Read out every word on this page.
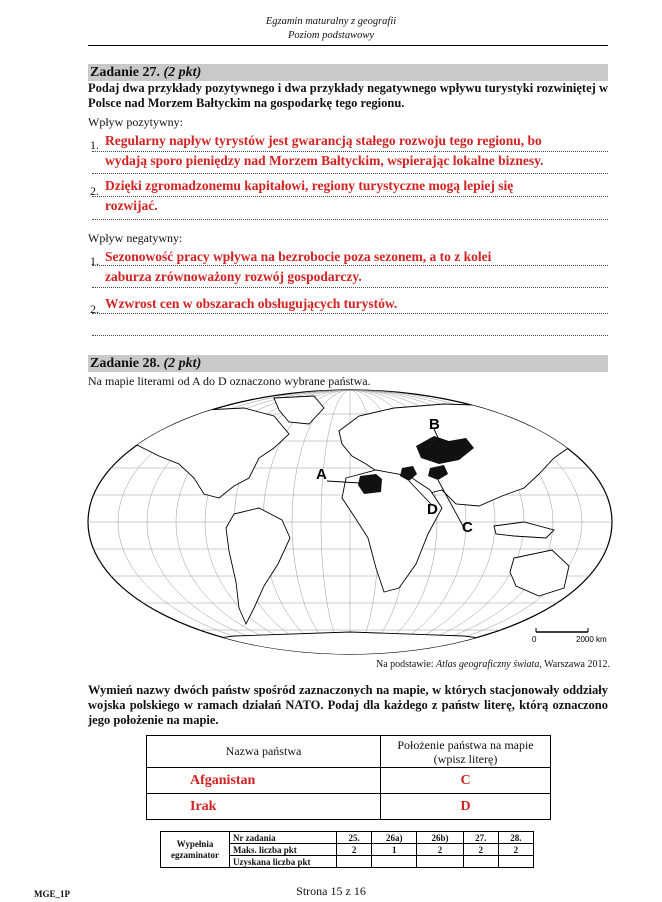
Egzamin maturalny z geografii
Poziom podstawowy
Zadanie 27. (2 pkt)
Podaj dwa przykłady pozytywnego i dwa przykłady negatywnego wpływu turystyki rozwiniętej w Polsce nad Morzem Bałtyckim na gospodarkę tego regionu.
Wpływ pozytywny:
1. Regularny napływ tyrystów jest gwarancją stałego rozwoju tego regionu, bo
wydają sporo pieniędzy nad Morzem Bałtyckim, wspierając lokalne biznesy.
2. Dzięki zgromadzonemu kapitałowi, regiony turystyczne mogą lepiej się
rozwijać.
Wpływ negatywny:
1. Sezonowość pracy wpływa na bezrobocie poza sezonem, a to z kolei
zaburza zrównoważony rozwój gospodarczy.
2. Wzwrost cen w obszarach obsługujących turystów.
Zadanie 28. (2 pkt)
Na mapie literami od A do D oznaczono wybrane państwa.
A
B
C
D
0	2000 km
Na podstawie: Atlas geograficzny świata, Warszawa 2012.
Wymień nazwy dwóch państw spośród zaznaczonych na mapie, w których stacjonowały oddziały wojska polskiego w ramach działań NATO. Podaj dla każdego z państw literę, którą oznaczono jego położenie na mapie.
Nazwa państwa	Położenie państwa na mapie
(wpisz literę)

Afganistan	C
Irak	D
Wypełnia
egzaminator	Nr zadania	25.	26a)	26b)	27.	28.
	Maks. liczba pkt	2	1	2	2	2
	Uzyskana liczba pkt					
MGE_1P	Strona 15 z 16
